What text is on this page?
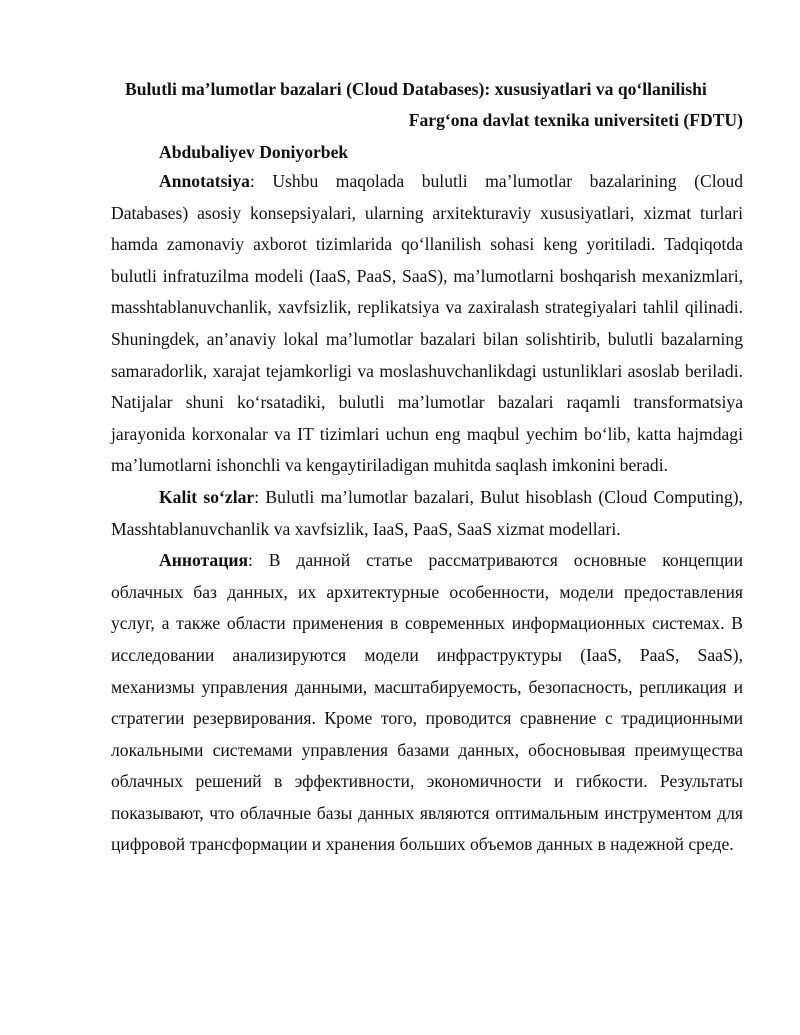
Bulutli ma’lumotlar bazalari (Cloud Databases): xususiyatlari va qo‘llanilishi
Farg‘ona davlat texnika universiteti (FDTU)

Abdubaliyev Doniyorbek

Annotatsiya: Ushbu maqolada bulutli ma’lumotlar bazalarining (Cloud Databases) asosiy konsepsiyalari, ularning arxitekturaviy xususiyatlari, xizmat turlari hamda zamonaviy axborot tizimlarida qo‘llanilish sohasi keng yoritiladi. Tadqiqotda bulutli infratuzilma modeli (IaaS, PaaS, SaaS), ma’lumotlarni boshqarish mexanizmlari, masshtablanuvchanlik, xavfsizlik, replikatsiya va zaxiralash strategiyalari tahlil qilinadi. Shuningdek, an’anaviy lokal ma’lumotlar bazalari bilan solishtirib, bulutli bazalarning samaradorlik, xarajat tejamkorligi va moslashuvchanlikdagi ustunliklari asoslab beriladi. Natijalar shuni ko‘rsatadiki, bulutli ma’lumotlar bazalari raqamli transformatsiya jarayonida korxonalar va IT tizimlari uchun eng maqbul yechim bo‘lib, katta hajmdagi ma’lumotlarni ishonchli va kengaytiriladigan muhitda saqlash imkonini beradi.

Kalit so‘zlar: Bulutli ma’lumotlar bazalari, Bulut hisoblash (Cloud Computing), Masshtablanuvchanlik va xavfsizlik, IaaS, PaaS, SaaS xizmat modellari.

Аннотация: В данной статье рассматриваются основные концепции облачных баз данных, их архитектурные особенности, модели предоставления услуг, а также области применения в современных информационных системах. В исследовании анализируются модели инфраструктуры (IaaS, PaaS, SaaS), механизмы управления данными, масштабируемость, безопасность, репликация и стратегии резервирования. Кроме того, проводится сравнение с традиционными локальными системами управления базами данных, обосновывая преимущества облачных решений в эффективности, экономичности и гибкости. Результаты показывают, что облачные базы данных являются оптимальным инструментом для цифровой трансформации и хранения больших объемов данных в надежной среде.
